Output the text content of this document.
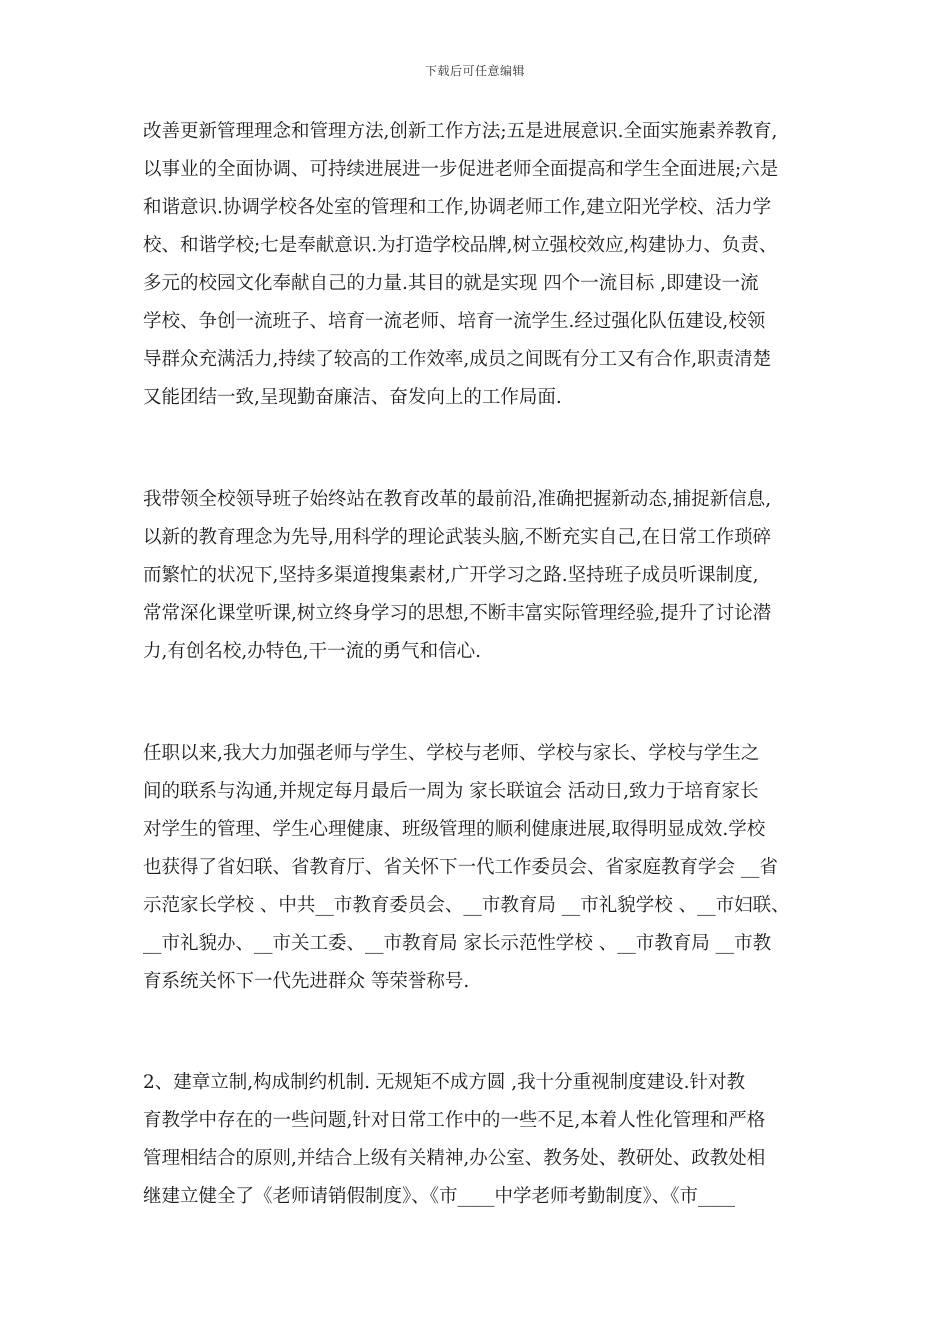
下载后可任意编辑
改善更新管理理念和管理方法,创新工作方法;五是进展意识.全面实施素养教育,
以事业的全面协调、可持续进展进一步促进老师全面提高和学生全面进展;六是
和谐意识.协调学校各处室的管理和工作,协调老师工作,建立阳光学校、活力学
校、和谐学校;七是奉献意识.为打造学校品牌,树立强校效应,构建协力、负责、
多元的校园文化奉献自己的力量.其目的就是实现 四个一流目标 ,即建设一流
学校、争创一流班子、培育一流老师、培育一流学生.经过强化队伍建设,校领
导群众充满活力,持续了较高的工作效率,成员之间既有分工又有合作,职责清楚
又能团结一致,呈现勤奋廉洁、奋发向上的工作局面.
我带领全校领导班子始终站在教育改革的最前沿,准确把握新动态,捕捉新信息,
以新的教育理念为先导,用科学的理论武装头脑,不断充实自己,在日常工作琐碎
而繁忙的状况下,坚持多渠道搜集素材,广开学习之路.坚持班子成员听课制度,
常常深化课堂听课,树立终身学习的思想,不断丰富实际管理经验,提升了讨论潜
力,有创名校,办特色,干一流的勇气和信心.
任职以来,我大力加强老师与学生、学校与老师、学校与家长、学校与学生之
间的联系与沟通,并规定每月最后一周为 家长联谊会 活动日,致力于培育家长
对学生的管理、学生心理健康、班级管理的顺利健康进展,取得明显成效.学校
也获得了省妇联、省教育厅、省关怀下一代工作委员会、省家庭教育学会 __省
示范家长学校 、中共__市教育委员会、__市教育局 __市礼貌学校 、__市妇联、
__市礼貌办、__市关工委、__市教育局 家长示范性学校 、__市教育局 __市教
育系统关怀下一代先进群众 等荣誉称号.
2、建章立制,构成制约机制. 无规矩不成方圆 ,我十分重视制度建设.针对教
育教学中存在的一些问题,针对日常工作中的一些不足,本着人性化管理和严格
管理相结合的原则,并结合上级有关精神,办公室、教务处、教研处、政教处相
继建立健全了《老师请销假制度》、《市____中学老师考勤制度》、《市____
